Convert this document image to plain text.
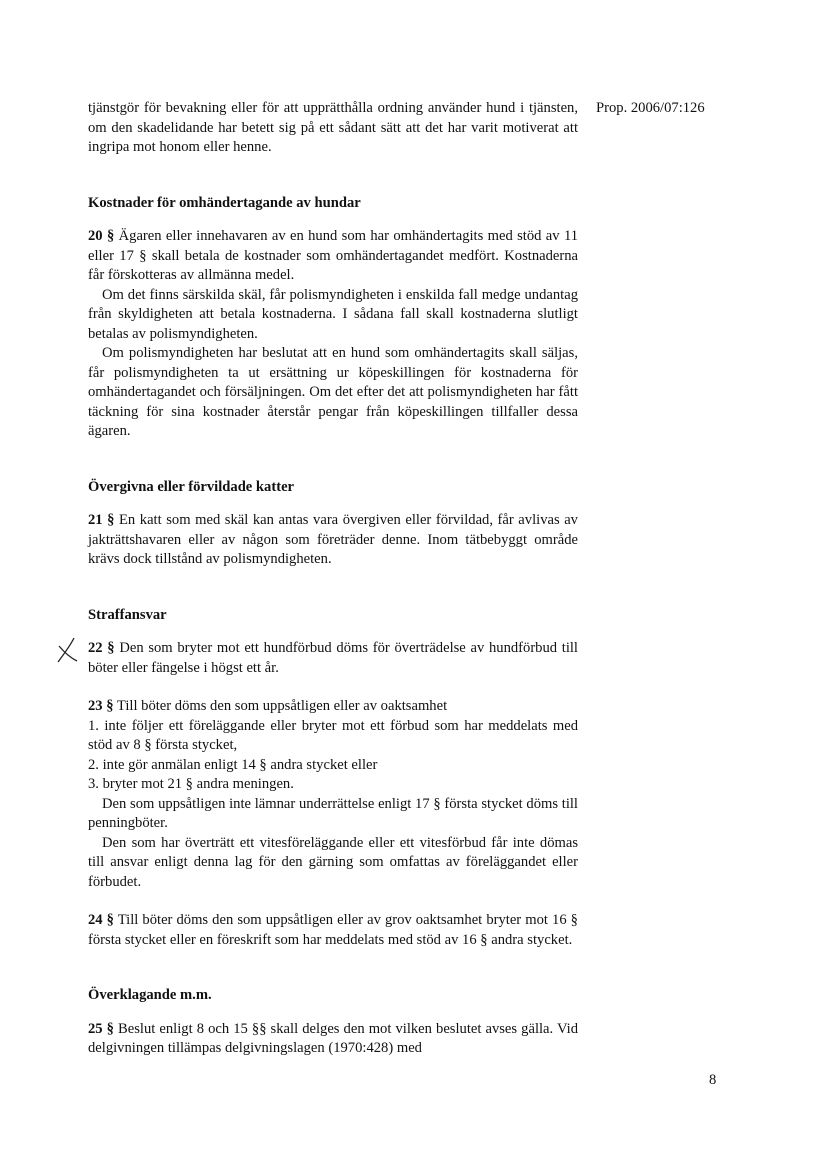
Prop. 2006/07:126

tjänstgör för bevakning eller för att upprätthålla ordning använder hund i tjänsten, om den skadelidande har betett sig på ett sådant sätt att det har varit motiverat att ingripa mot honom eller henne.

Kostnader för omhändertagande av hundar

20 § Ägaren eller innehavaren av en hund som har omhändertagits med stöd av 11 eller 17 § skall betala de kostnader som omhändertagandet medfört. Kostnaderna får förskotteras av allmänna medel.

Om det finns särskilda skäl, får polismyndigheten i enskilda fall medge undantag från skyldigheten att betala kostnaderna. I sådana fall skall kostnaderna slutligt betalas av polismyndigheten.

Om polismyndigheten har beslutat att en hund som omhändertagits skall säljas, får polismyndigheten ta ut ersättning ur köpeskillingen för kostnaderna för omhändertagandet och försäljningen. Om det efter det att polismyndigheten har fått täckning för sina kostnader återstår pengar från köpeskillingen tillfaller dessa ägaren.

Övergivna eller förvildade katter

21 § En katt som med skäl kan antas vara övergiven eller förvildad, får avlivas av jakträttshavaren eller av någon som företräder denne. Inom tätbebyggt område krävs dock tillstånd av polismyndigheten.

Straffansvar

22 § Den som bryter mot ett hundförbud döms för överträdelse av hundförbud till böter eller fängelse i högst ett år.

23 § Till böter döms den som uppsåtligen eller av oaktsamhet

1. inte följer ett föreläggande eller bryter mot ett förbud som har meddelats med stöd av 8 § första stycket,

2. inte gör anmälan enligt 14 § andra stycket eller

3. bryter mot 21 § andra meningen.

Den som uppsåtligen inte lämnar underrättelse enligt 17 § första stycket döms till penningböter.

Den som har överträtt ett vitesföreläggande eller ett vitesförbud får inte dömas till ansvar enligt denna lag för den gärning som omfattas av föreläggandet eller förbudet.

24 § Till böter döms den som uppsåtligen eller av grov oaktsamhet bryter mot 16 § första stycket eller en föreskrift som har meddelats med stöd av 16 § andra stycket.

Överklagande m.m.

25 § Beslut enligt 8 och 15 §§ skall delges den mot vilken beslutet avses gälla. Vid delgivningen tillämpas delgivningslagen (1970:428) med

8
